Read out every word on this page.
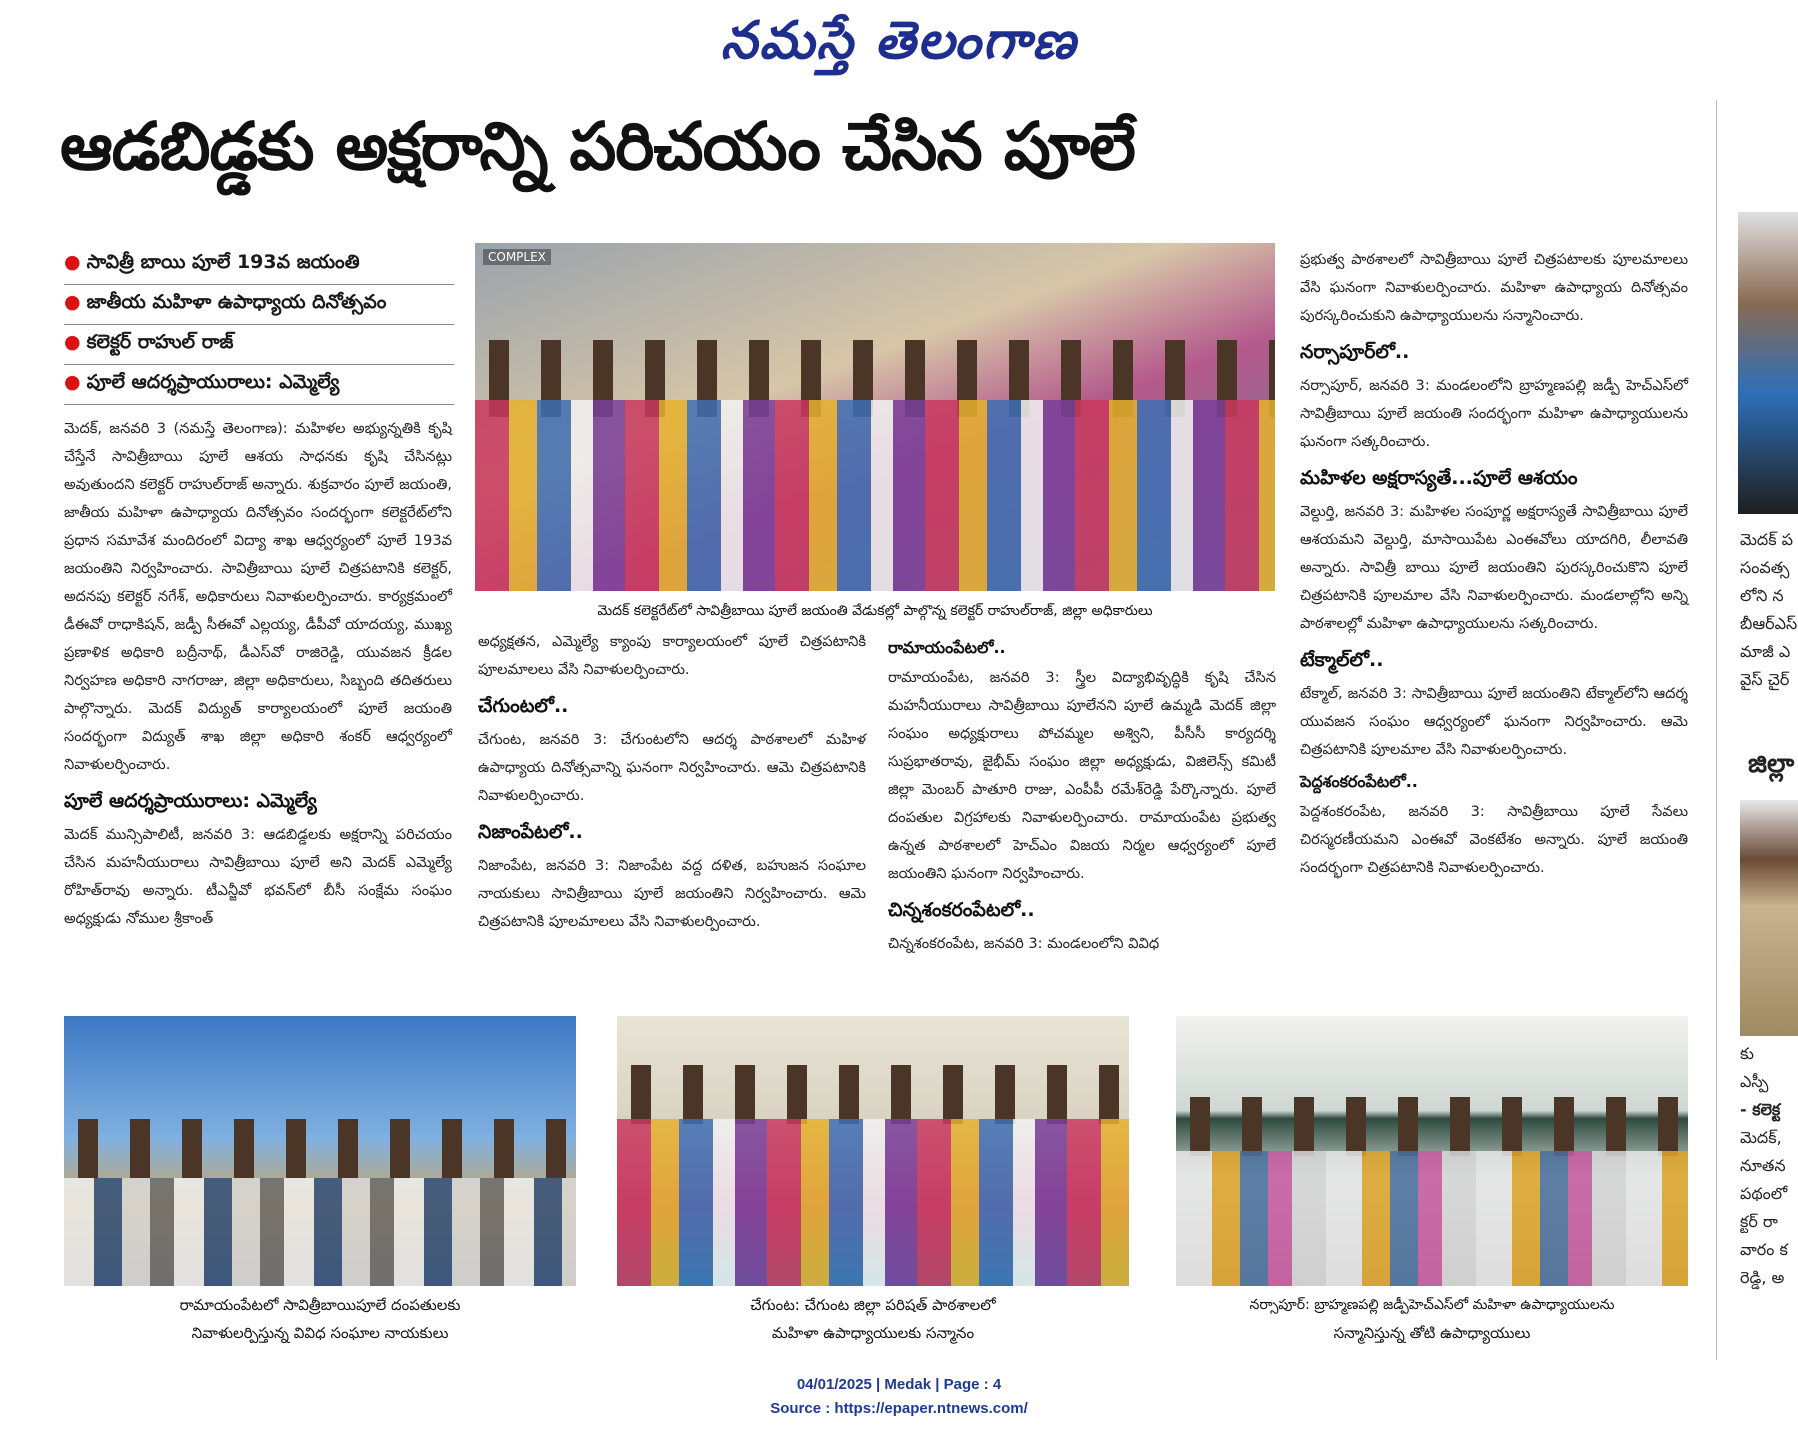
నమస్తే తెలంగాణ
ఆడబిడ్డకు అక్షరాన్ని పరిచయం చేసిన పూలే
● సావిత్రీ బాయి పూలే 193వ జయంతి
● జాతీయ మహిళా ఉపాధ్యాయ దినోత్సవం
● కలెక్టర్ రాహుల్ రాజ్
● పూలే ఆదర్శప్రాయురాలు: ఎమ్మెల్యే
మెదక్, జనవరి 3 (నమస్తే తెలంగాణ): మహిళల అభ్యున్నతికి కృషి చేస్తేనే సావిత్రీబాయి పూలే ఆశయ సాధనకు కృషి చేసినట్లు అవుతుందని కలెక్టర్ రాహుల్‌రాజ్ అన్నారు. శుక్రవారం పూలే జయంతి, జాతీయ మహిళా ఉపాధ్యాయ దినోత్సవం సందర్భంగా కలెక్టరేట్‌లోని ప్రధాన సమావేశ మందిరంలో విద్యా శాఖ ఆధ్వర్యంలో పూలే 193వ జయంతిని నిర్వహించారు. సావిత్రీబాయి పూలే చిత్రపటానికి కలెక్టర్, అదనపు కలెక్టర్ నగేశ్, అధికారులు నివాళులర్పించారు. కార్యక్రమంలో డీఈవో రాధాకిషన్, జడ్పీ సీఈవో ఎల్లయ్య, డీపీవో యాదయ్య, ముఖ్య ప్రణాళిక అధికారి బద్రీనాథ్, డీఎస్‌వో రాజిరెడ్డి, యువజన క్రీడల నిర్వహణ అధికారి నాగరాజు, జిల్లా అధికారులు, సిబ్బంది తదితరులు పాల్గొన్నారు. మెదక్ విద్యుత్ కార్యాలయంలో పూలే జయంతి సందర్భంగా విద్యుత్ శాఖ జిల్లా అధికారి శంకర్ ఆధ్వర్యంలో నివాళులర్పించారు.
పూలే ఆదర్శప్రాయురాలు: ఎమ్మెల్యే
మెదక్ మున్సిపాలిటీ, జనవరి 3: ఆడబిడ్డలకు అక్షరాన్ని పరిచయం చేసిన మహనీయురాలు సావిత్రీబాయి పూలే అని మెదక్ ఎమ్మెల్యే రోహిత్‌రావు అన్నారు. టీఎన్జీవో భవన్‌లో బీసీ సంక్షేమ సంఘం అధ్యక్షుడు నోముల శ్రీకాంత్
COMPLEX
మెదక్ కలెక్టరేట్‌లో సావిత్రీబాయి పూలే జయంతి వేడుకల్లో పాల్గొన్న కలెక్టర్ రాహుల్‌రాజ్, జిల్లా అధికారులు
అధ్యక్షతన, ఎమ్మెల్యే క్యాంపు కార్యాలయంలో పూలే చిత్రపటానికి పూలమాలలు వేసి నివాళులర్పించారు.
చేగుంటలో..
చేగుంట, జనవరి 3: చేగుంటలోని ఆదర్శ పాఠశాలలో మహిళ ఉపాధ్యాయ దినోత్సవాన్ని ఘనంగా నిర్వహించారు. ఆమె చిత్రపటానికి నివాళులర్పించారు.
నిజాంపేటలో..
నిజాంపేట, జనవరి 3: నిజాంపేట వద్ద దళిత, బహుజన సంఘాల నాయకులు సావిత్రీబాయి పూలే జయంతిని నిర్వహించారు. ఆమె చిత్రపటానికి పూలమాలలు వేసి నివాళులర్పించారు.
రామాయంపేటలో..
రామాయంపేట, జనవరి 3: స్త్రీల విద్యాభివృద్ధికి కృషి చేసిన మహనీయురాలు సావిత్రీబాయి పూలేనని పూలే ఉమ్మడి మెదక్ జిల్లా సంఘం అధ్యక్షురాలు పోచమ్మల అశ్విని, పీసీసీ కార్యదర్శి సుప్రభాతరావు, జైభీమ్ సంఘం జిల్లా అధ్యక్షుడు, విజిలెన్స్ కమిటీ జిల్లా మెంబర్ పాతూరి రాజు, ఎంపీపీ రమేశ్‌రెడ్డి పేర్కొన్నారు. పూలే దంపతుల విగ్రహాలకు నివాళులర్పించారు. రామాయంపేట ప్రభుత్వ ఉన్నత పాఠశాలలో హెచ్ఎం విజయ నిర్మల ఆధ్వర్యంలో పూలే జయంతిని ఘనంగా నిర్వహించారు.
చిన్నశంకరంపేటలో..
చిన్నశంకరంపేట, జనవరి 3: మండలంలోని వివిధ
ప్రభుత్వ పాఠశాలలో సావిత్రీబాయి పూలే చిత్రపటాలకు పూలమాలలు వేసి ఘనంగా నివాళులర్పించారు. మహిళా ఉపాధ్యాయ దినోత్సవం పురస్కరించుకుని ఉపాధ్యాయులను సన్మానించారు.
నర్సాపూర్‌లో..
నర్సాపూర్, జనవరి 3: మండలంలోని బ్రాహ్మణపల్లి జడ్పీ హెచ్ఎస్‌లో సావిత్రీబాయి పూలే జయంతి సందర్భంగా మహిళా ఉపాధ్యాయులను ఘనంగా సత్కరించారు.
మహిళల అక్షరాస్యతే...పూలే ఆశయం
వెల్దుర్తి, జనవరి 3: మహిళల సంపూర్ణ అక్షరాస్యతే సావిత్రీబాయి పూలే ఆశయమని వెల్దుర్తి, మాసాయిపేట ఎంఈవోలు యాదగిరి, లీలావతి అన్నారు. సావిత్రీ బాయి పూలే జయంతిని పురస్కరించుకొని పూలే చిత్రపటానికి పూలమాల వేసి నివాళులర్పించారు. మండలాల్లోని అన్ని పాఠశాలల్లో మహిళా ఉపాధ్యాయులను సత్కరించారు.
టేక్మాల్‌లో..
టేక్మాల్, జనవరి 3: సావిత్రీబాయి పూలే జయంతిని టేక్మాల్‌లోని ఆదర్శ యువజన సంఘం ఆధ్వర్యంలో ఘనంగా నిర్వహించారు. ఆమె చిత్రపటానికి పూలమాల వేసి నివాళులర్పించారు.
పెద్దశంకరంపేటలో..
పెద్దశంకరంపేట, జనవరి 3: సావిత్రీబాయి పూలే సేవలు చిరస్మరణీయమని ఎంఈవో వెంకటేశం అన్నారు. పూలే జయంతి సందర్భంగా చిత్రపటానికి నివాళులర్పించారు.
రామాయంపేటలో సావిత్రీబాయిపూలే దంపతులకు
నివాళులర్పిస్తున్న వివిధ సంఘాల నాయకులు
చేగుంట: చేగుంట జిల్లా పరిషత్ పాఠశాలలో
మహిళా ఉపాధ్యాయులకు సన్మానం
నర్సాపూర్: బ్రాహ్మణపల్లి జడ్పీహెచ్‌ఎస్‌లో మహిళా ఉపాధ్యాయులను
సన్మానిస్తున్న తోటి ఉపాధ్యాయులు
మెదక్ ప
సంవత్స
లోని న
బీఆర్ఎస్
మాజీ ఎ
వైస్ చైర్
జిల్లా
కు
ఎస్పీ
- కలెక్ట
మెదక్,
నూతన
పథంలో
క్టర్ రా
వారం క
రెడ్డి, అ
04/01/2025 | Medak | Page : 4
Source : https://epaper.ntnews.com/
